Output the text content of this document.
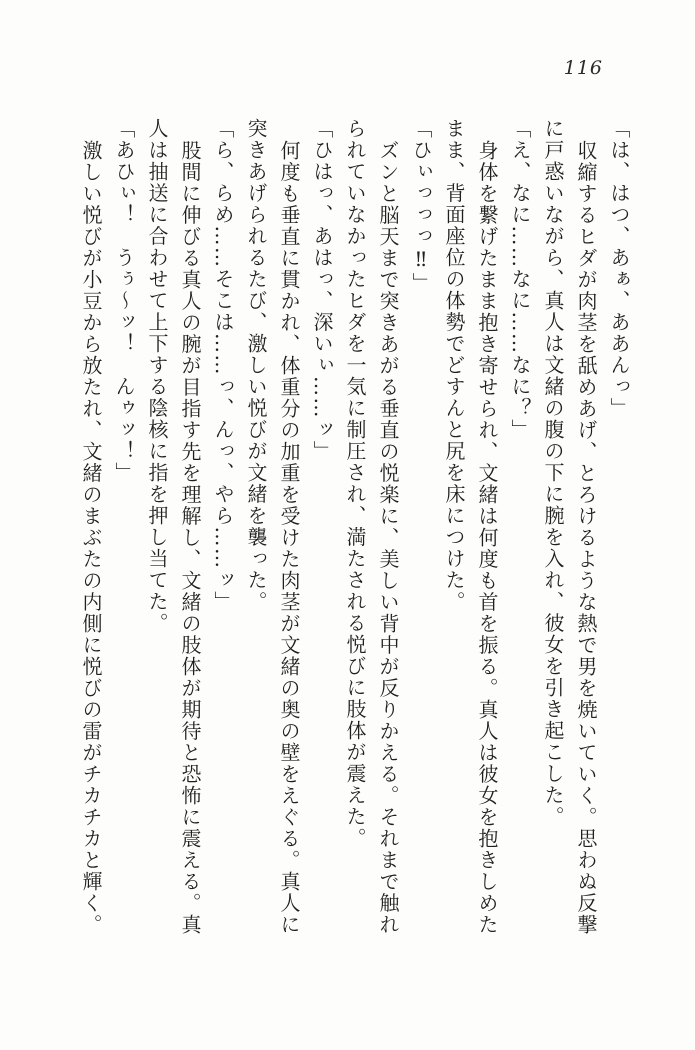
116
「は、はつ、あぁ、ああんっ」
収縮するヒダが肉茎を舐めあげ、とろけるような熱で男を焼いていく。思わぬ反撃
に戸惑いながら、真人は文緒の腹の下に腕を入れ、彼女を引き起こした。
「え、なに……なに……なに？」
身体を繋げたまま抱き寄せられ、文緒は何度も首を振る。真人は彼女を抱きしめた
まま、背面座位の体勢でどすんと尻を床につけた。
「ひぃっっっ‼」
ズンと脳天まで突きあがる垂直の悦楽に、美しい背中が反りかえる。それまで触れ
られていなかったヒダを一気に制圧され、満たされる悦びに肢体が震えた。
「ひはっ、あはっ、深いぃ……ッ」
何度も垂直に貫かれ、体重分の加重を受けた肉茎が文緒の奥の壁をえぐる。真人に
突きあげられるたび、激しい悦びが文緒を襲った。
「ら、らめ……そこは……っ、んっ、やら……ッ」
股間に伸びる真人の腕が目指す先を理解し、文緒の肢体が期待と恐怖に震える。真
人は抽送に合わせて上下する陰核に指を押し当てた。
「あひぃ！　うぅ〜ッ！　んゥッ！」
激しい悦びが小豆から放たれ、文緒のまぶたの内側に悦びの雷がチカチカと輝く。
